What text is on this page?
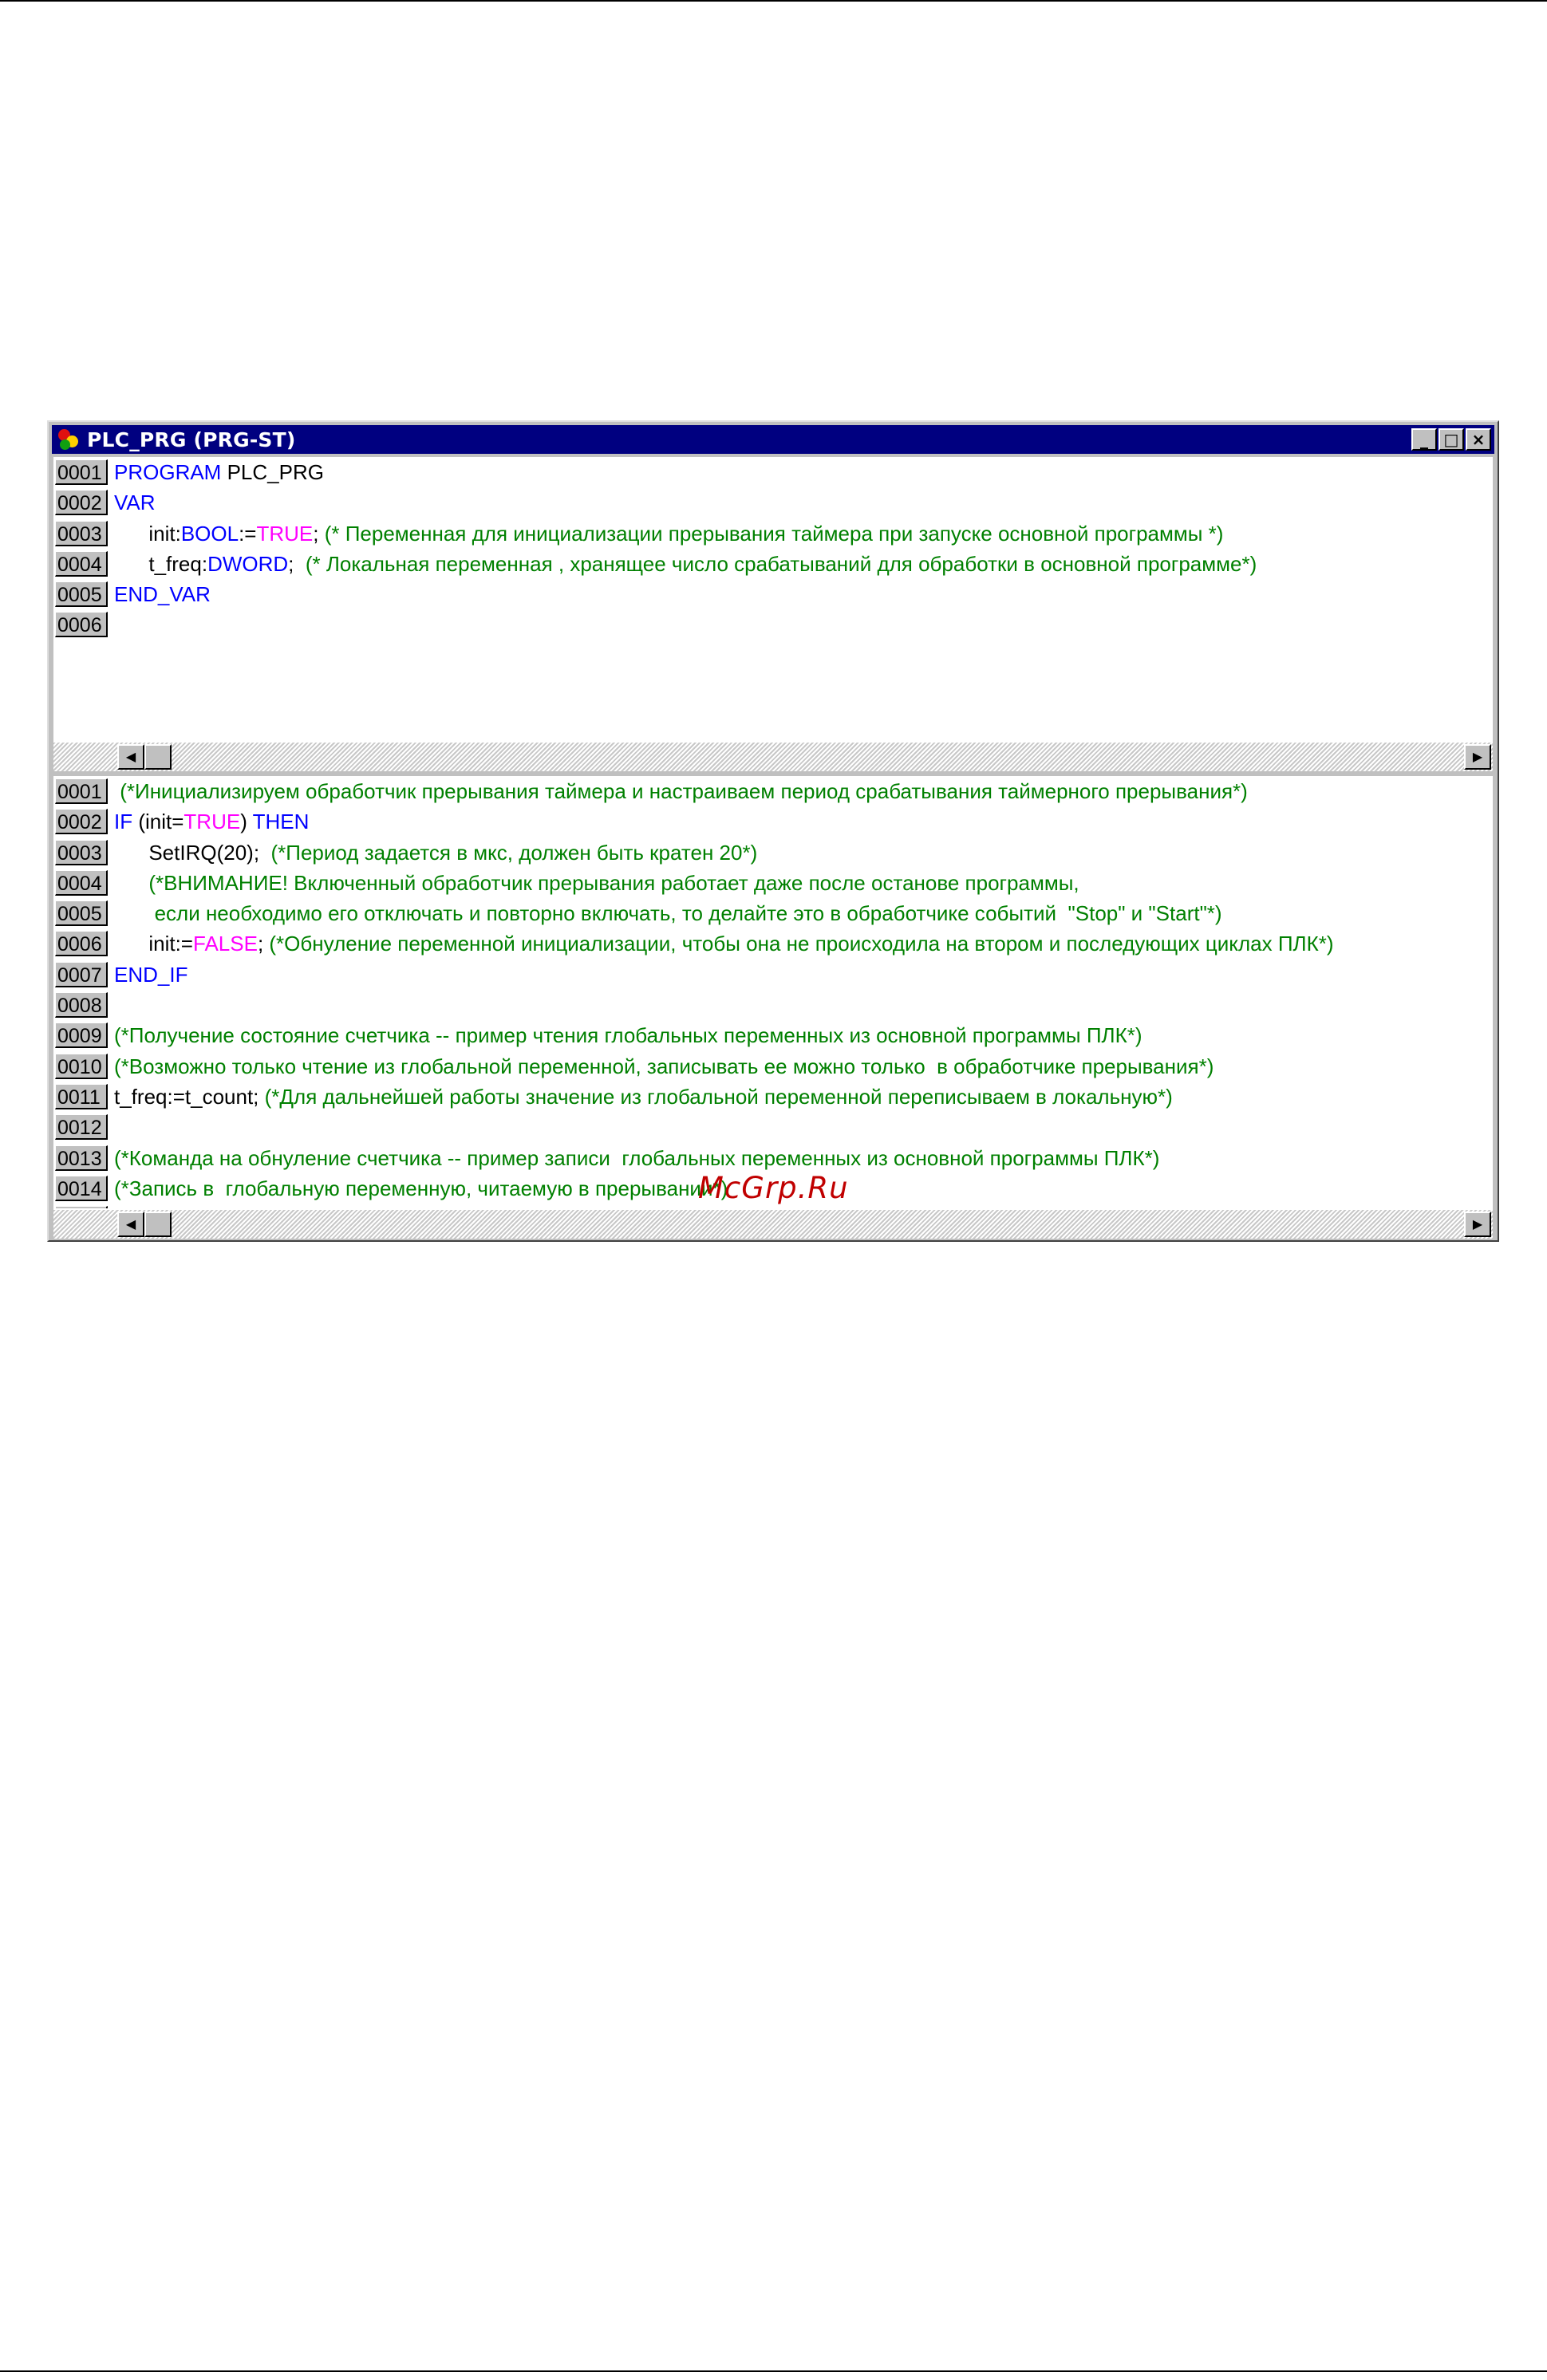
PLC_PRG (PRG-ST)	_ □ ×
0001 PROGRAM PLC_PRG
0002 VAR
0003 init:BOOL:=TRUE; (* Переменная для инициализации прерывания таймера при запуске основной программы *)
0004 t_freq:DWORD;  (* Локальная переменная , хранящее число срабатываний для обработки в основной программе*)
0005 END_VAR
0006
◀	▶
0001 (*Инициализируем обработчик прерывания таймера и настраиваем период срабатывания таймерного прерывания*)
0002 IF (init=TRUE) THEN
0003 SetIRQ(20);  (*Период задается в мкс, должен быть кратен 20*)
0004 (*ВНИМАНИЕ! Включенный обработчик прерывания работает даже после останове программы,
0005 если необходимо его отключать и повторно включать, то делайте это в обработчике событий  "Stop" и "Start"*)
0006 init:=FALSE; (*Обнуление переменной инициализации, чтобы она не происходила на втором и последующих циклах ПЛК*)
0007 END_IF
0008
0009 (*Получение состояние счетчика -- пример чтения глобальных переменных из основной программы ПЛК*)
0010 (*Возможно только чтение из глобальной переменной, записывать ее можно только  в обработчике прерывания*)
0011 t_freq:=t_count; (*Для дальнейшей работы значение из глобальной переменной переписываем в локальную*)
0012
0013 (*Команда на обнуление счетчика -- пример записи  глобальных переменных из основной программы ПЛК*)
0014 (*Запись в  глобальную переменную, читаемую в прерывании*)
◀	▶
McGrp.Ru
